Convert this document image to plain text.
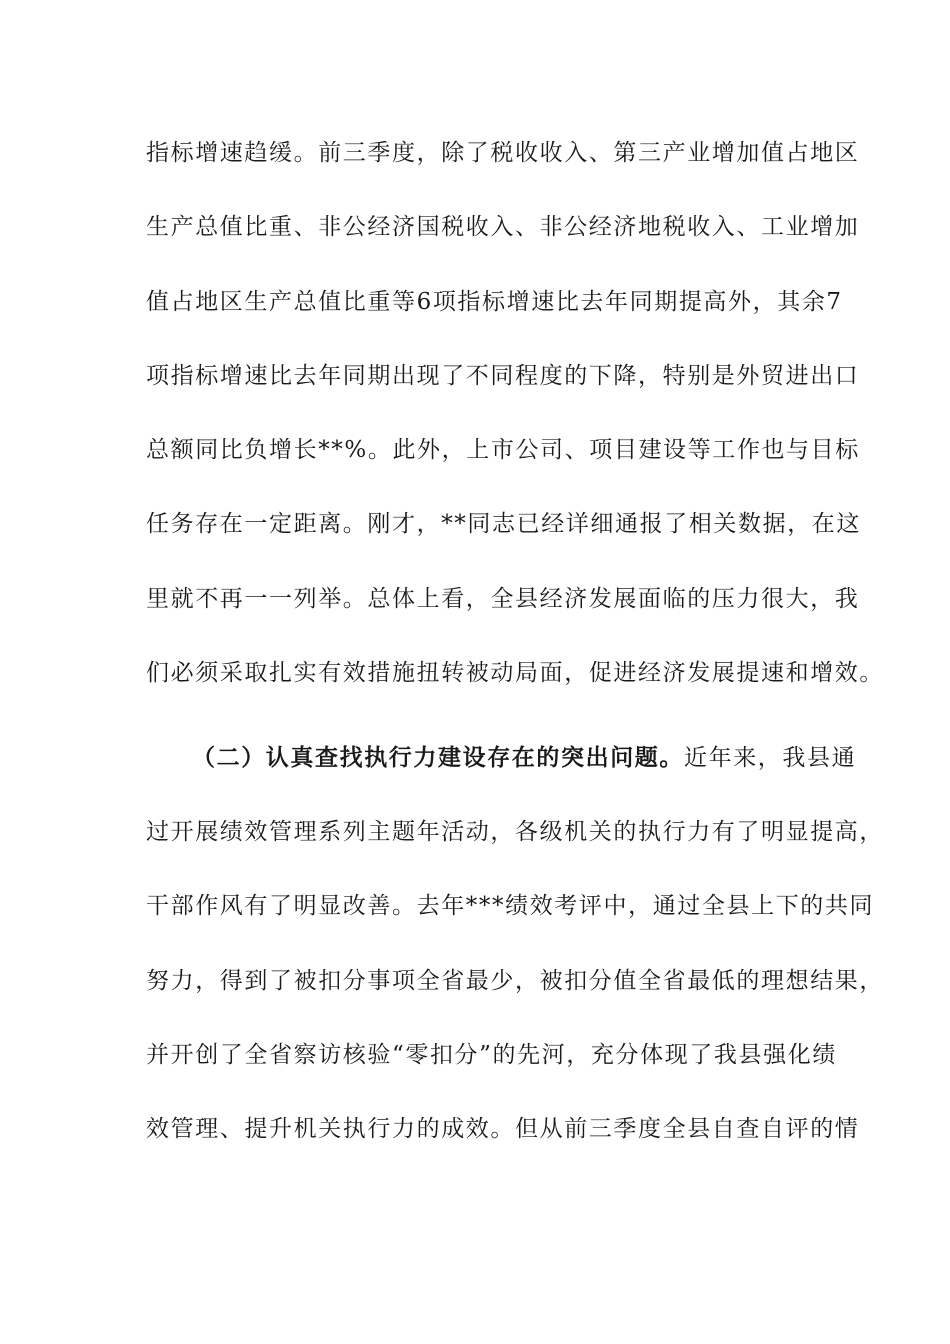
指标增速趋缓。前三季度，除了税收收入、第三产业增加值占地区
生产总值比重、非公经济国税收入、非公经济地税收入、工业增加
值占地区生产总值比重等6项指标增速比去年同期提高外，其余7
项指标增速比去年同期出现了不同程度的下降，特别是外贸进出口
总额同比负增长**%。此外，上市公司、项目建设等工作也与目标
任务存在一定距离。刚才，**同志已经详细通报了相关数据，在这
里就不再一一列举。总体上看，全县经济发展面临的压力很大，我
们必须采取扎实有效措施扭转被动局面，促进经济发展提速和增效。
（二）认真查找执行力建设存在的突出问题。近年来，我县通
过开展绩效管理系列主题年活动，各级机关的执行力有了明显提高，
干部作风有了明显改善。去年***绩效考评中，通过全县上下的共同
努力，得到了被扣分事项全省最少，被扣分值全省最低的理想结果，
并开创了全省察访核验“零扣分”的先河，充分体现了我县强化绩
效管理、提升机关执行力的成效。但从前三季度全县自查自评的情
